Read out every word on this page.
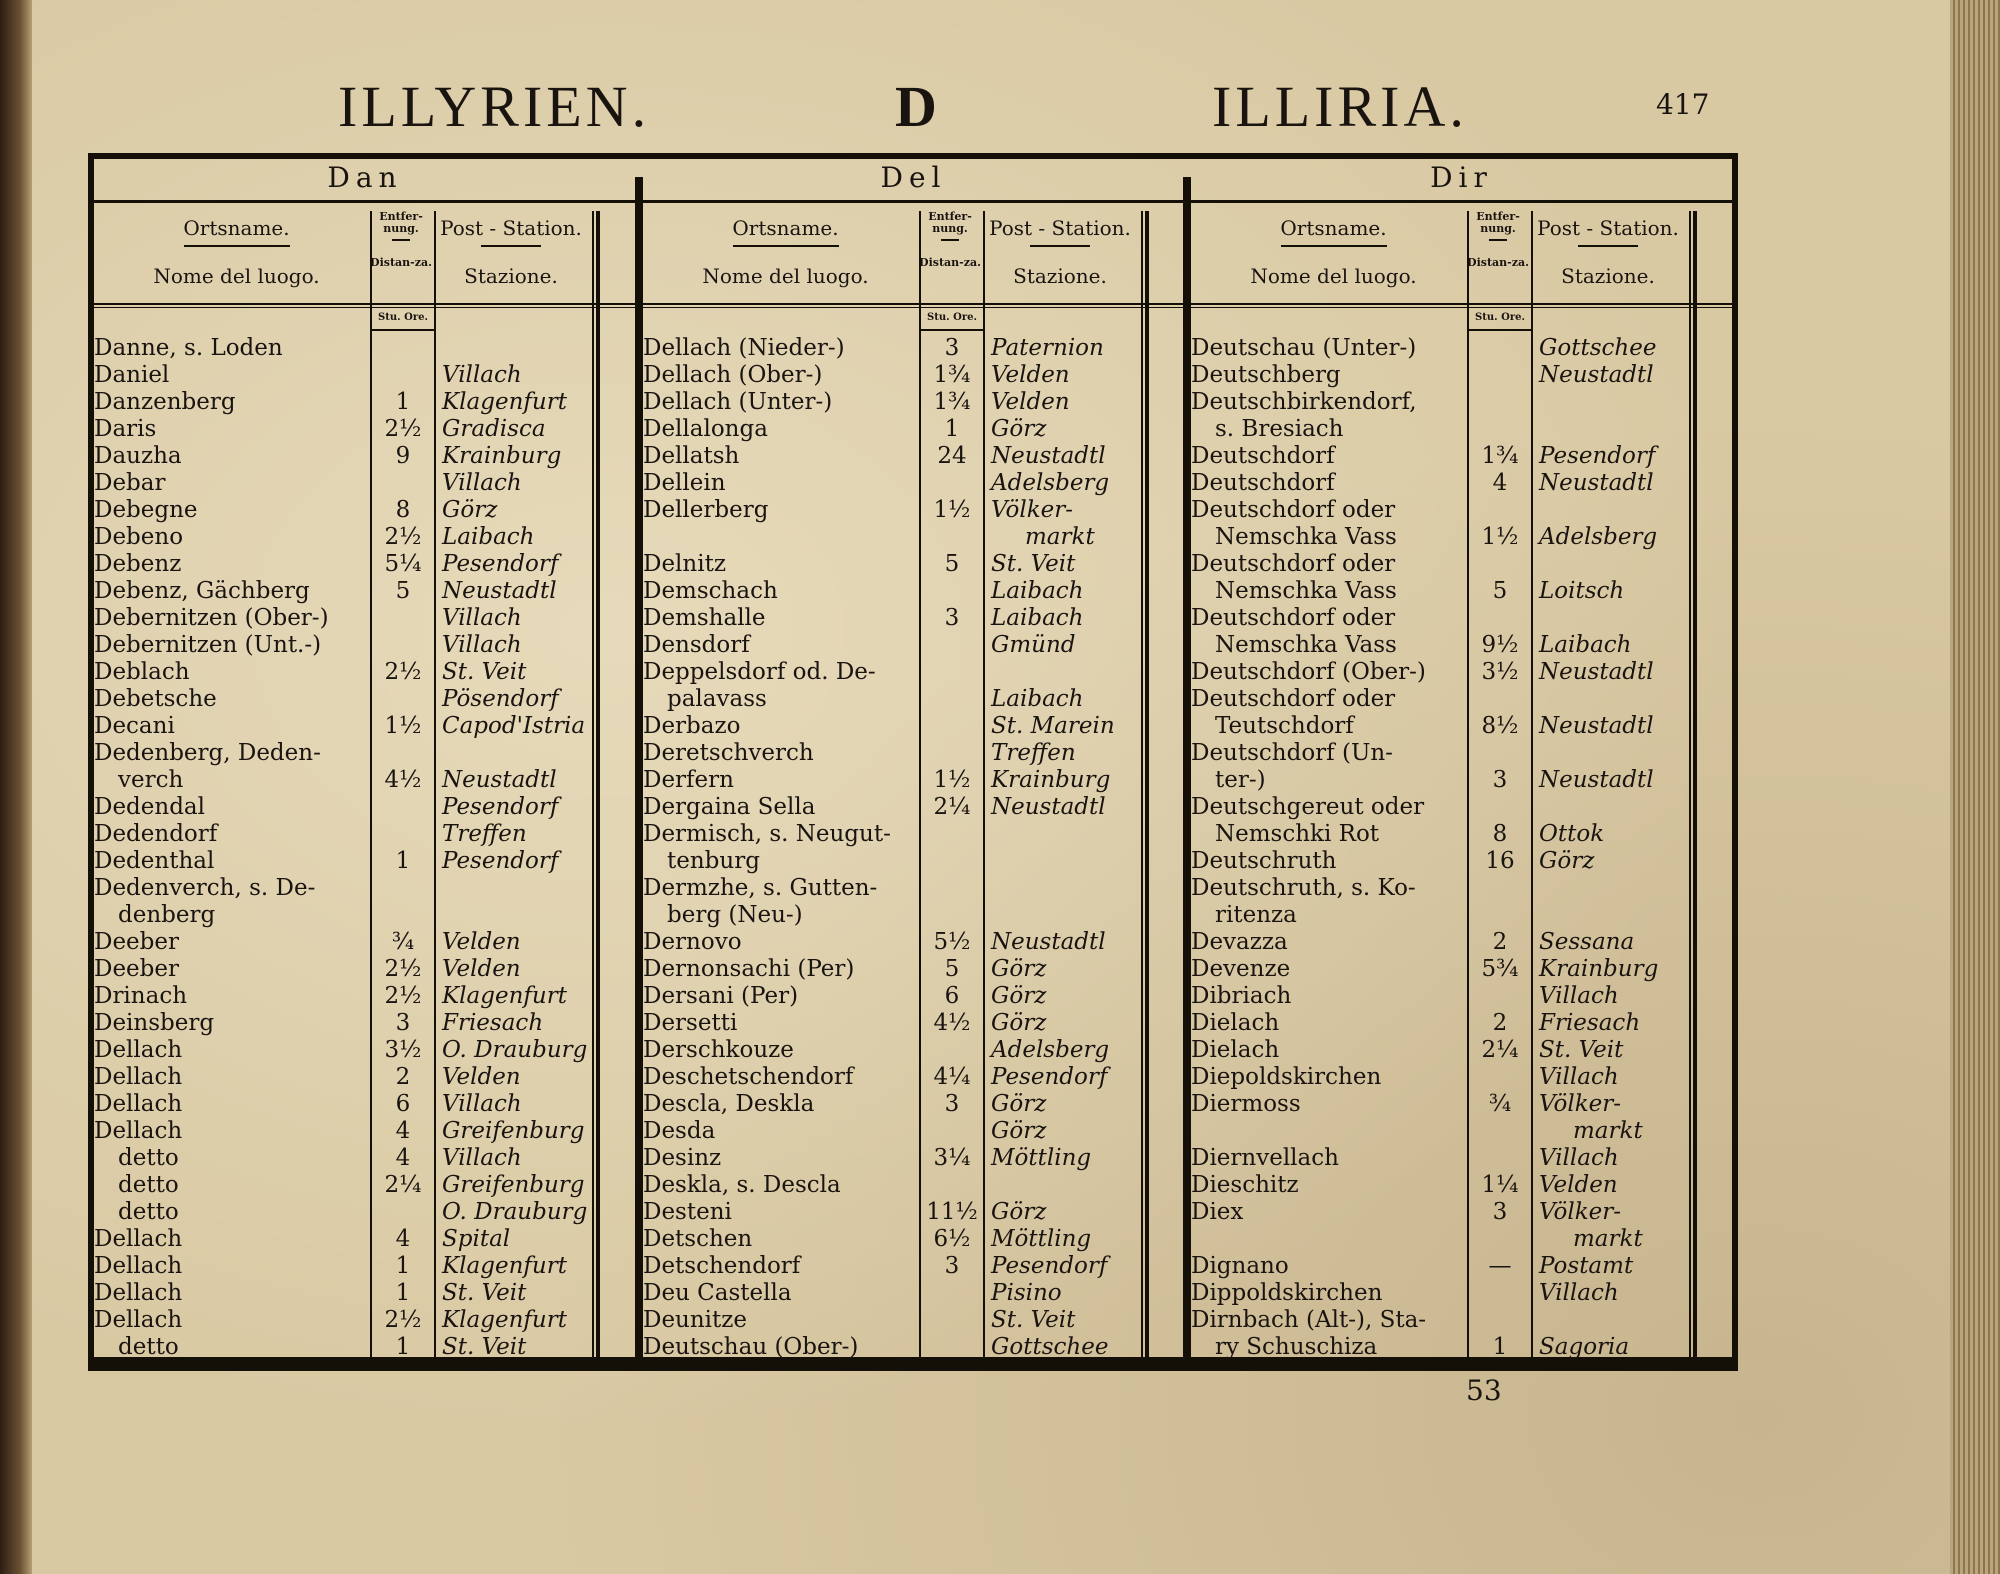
ILLYRIEN.	D	ILLIRIA.	417
Dan
Ortsname.
Nome del luogo.
Entfer-nung.
Distan-za.
Post - Station.
Stazione.
Stu. Ore.
Danne, s. Loden
Daniel	Villach
Danzenberg	1	Klagenfurt
Daris	2½ Gradisca
Dauzha	9	Krainburg
Debar	Villach
Debegne	8	Görz
Debeno	2½ Laibach
Debenz	5¼ Pesendorf
Debenz, Gächberg	5	Neustadtl
Debernitzen (Ober-)	Villach
Debernitzen (Unt.-)	Villach
Deblach	2½ St. Veit
Debetsche	Pösendorf
Decani	1½ Capod'Istria
Dedenberg, Deden-
verch	4½ Neustadtl
Dedendal	Pesendorf
Dedendorf	Treffen
Dedenthal	1	Pesendorf
Dedenverch, s. De-
denberg
Deeber	¾	Velden
Deeber	2½ Velden
Drinach	2½ Klagenfurt
Deinsberg	3	Friesach
Dellach	3½ O. Drauburg
Dellach	2	Velden
Dellach	6	Villach
Dellach	4	Greifenburg
detto	4	Villach
detto	2¼ Greifenburg
detto	O. Drauburg
Dellach	4	Spital
Dellach	1	Klagenfurt
Dellach	1	St. Veit
Dellach	2½ Klagenfurt
detto	1	St. Veit
Del
Ortsname.
Nome del luogo.
Entfer-nung.
Distan-za.
Post - Station.
Stazione.
Stu. Ore.
Dellach (Nieder-)	3	Paternion
Dellach (Ober-)	1¾ Velden
Dellach (Unter-)	1¾ Velden
Dellalonga	1	Görz
Dellatsh	24	Neustadtl
Dellein	Adelsberg
Dellerberg	1½ Völker-
markt
Delnitz	5	St. Veit
Demschach	Laibach
Demshalle	3	Laibach
Densdorf	Gmünd
Deppelsdorf od. De-
palavass	Laibach
Derbazo	St. Marein
Deretschverch	Treffen
Derfern	1½ Krainburg
Dergaina Sella	2¼ Neustadtl
Dermisch, s. Neugut-
tenburg
Dermzhe, s. Gutten-
berg (Neu-)
Dernovo	5½ Neustadtl
Dernonsachi (Per)	5	Görz
Dersani (Per)	6	Görz
Dersetti	4½ Görz
Derschkouze	Adelsberg
Deschetschendorf	4¼ Pesendorf
Descla, Deskla	3	Görz
Desda	Görz
Desinz	3¼ Möttling
Deskla, s. Descla
Desteni	11½ Görz
Detschen	6½ Möttling
Detschendorf	3	Pesendorf
Deu Castella	Pisino
Deunitze	St. Veit
Deutschau (Ober-)	Gottschee
Dir
Ortsname.
Nome del luogo.
Entfer-nung.
Distan-za.
Post - Station.
Stazione.
Stu. Ore.
Deutschau (Unter-)	Gottschee
Deutschberg	Neustadtl
Deutschbirkendorf,
s. Bresiach
Deutschdorf	1¾ Pesendorf
Deutschdorf	4	Neustadtl
Deutschdorf oder
Nemschka Vass	1½ Adelsberg
Deutschdorf oder
Nemschka Vass	5	Loitsch
Deutschdorf oder
Nemschka Vass	9½ Laibach
Deutschdorf (Ober-)	3½ Neustadtl
Deutschdorf oder
Teutschdorf	8½ Neustadtl
Deutschdorf (Un-
ter-)	3	Neustadtl
Deutschgereut oder
Nemschki Rot	8	Ottok
Deutschruth	16	Görz
Deutschruth, s. Ko-
ritenza
Devazza	2	Sessana
Devenze	5¾ Krainburg
Dibriach	Villach
Dielach	2	Friesach
Dielach	2¼ St. Veit
Diepoldskirchen	Villach
Diermoss	¾	Völker-
markt
Diernvellach	Villach
Dieschitz	1¼ Velden
Diex	3	Völker-
markt
Dignano	—	Postamt
Dippoldskirchen	Villach
Dirnbach (Alt-), Sta-
ry Schuschiza	1	Sagoria
53
